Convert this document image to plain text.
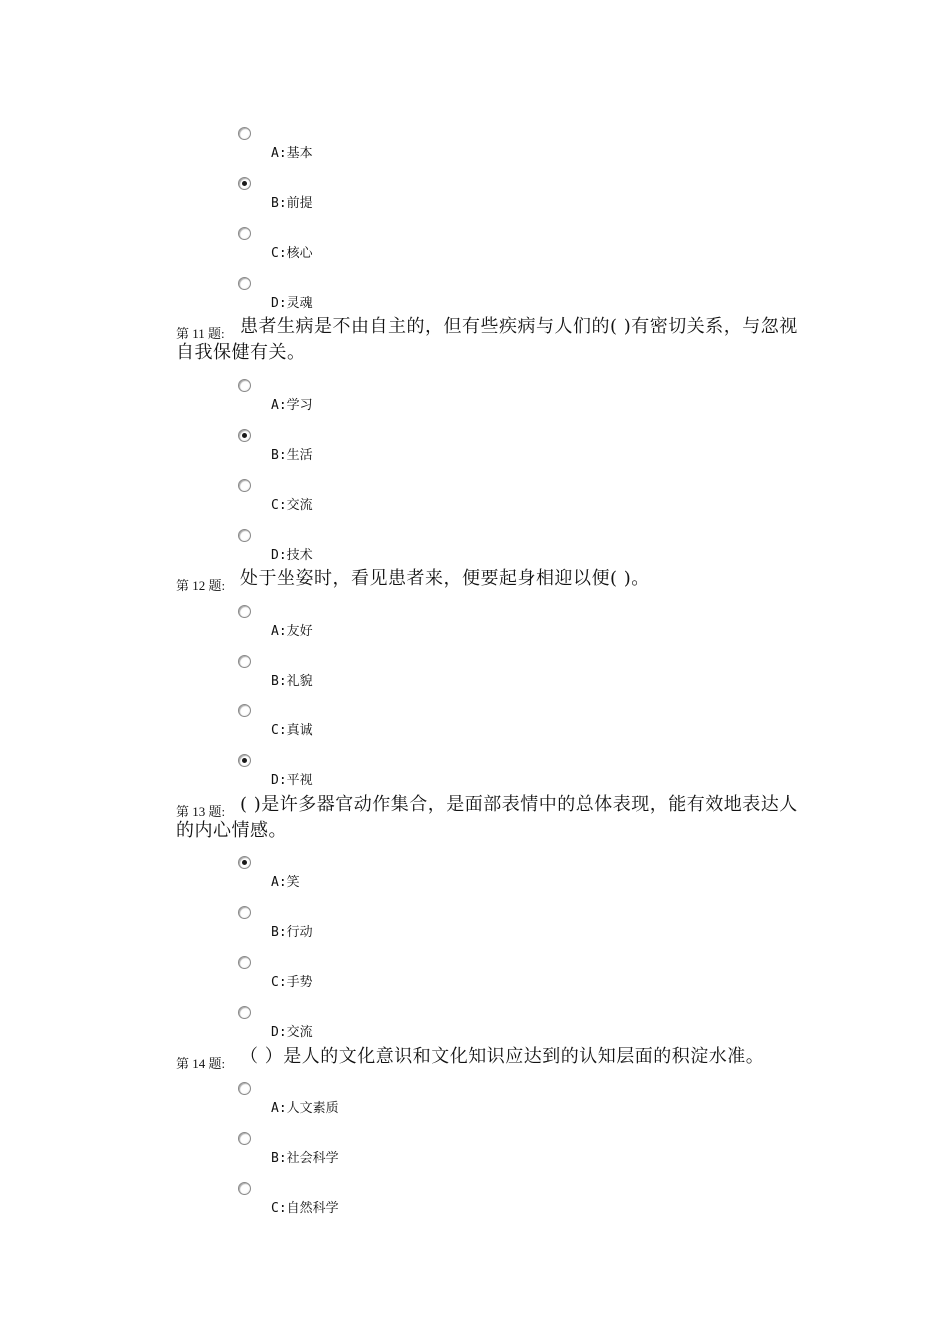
A:基本
B:前提
C:核心
D:灵魂
第 11 题: 患者生病是不由自主的，但有些疾病与人们的( )有密切关系，与忽视自我保健有关。

A:学习
B:生活
C:交流
D:技术
第 12 题: 处于坐姿时，看见患者来，便要起身相迎以便( )。

A:友好
B:礼貌
C:真诚
D:平视
第 13 题: ( )是许多器官动作集合，是面部表情中的总体表现，能有效地表达人的内心情感。

A:笑
B:行动
C:手势
D:交流
第 14 题: （ ）是人的文化意识和文化知识应达到的认知层面的积淀水准。

A:人文素质
B:社会科学
C:自然科学
